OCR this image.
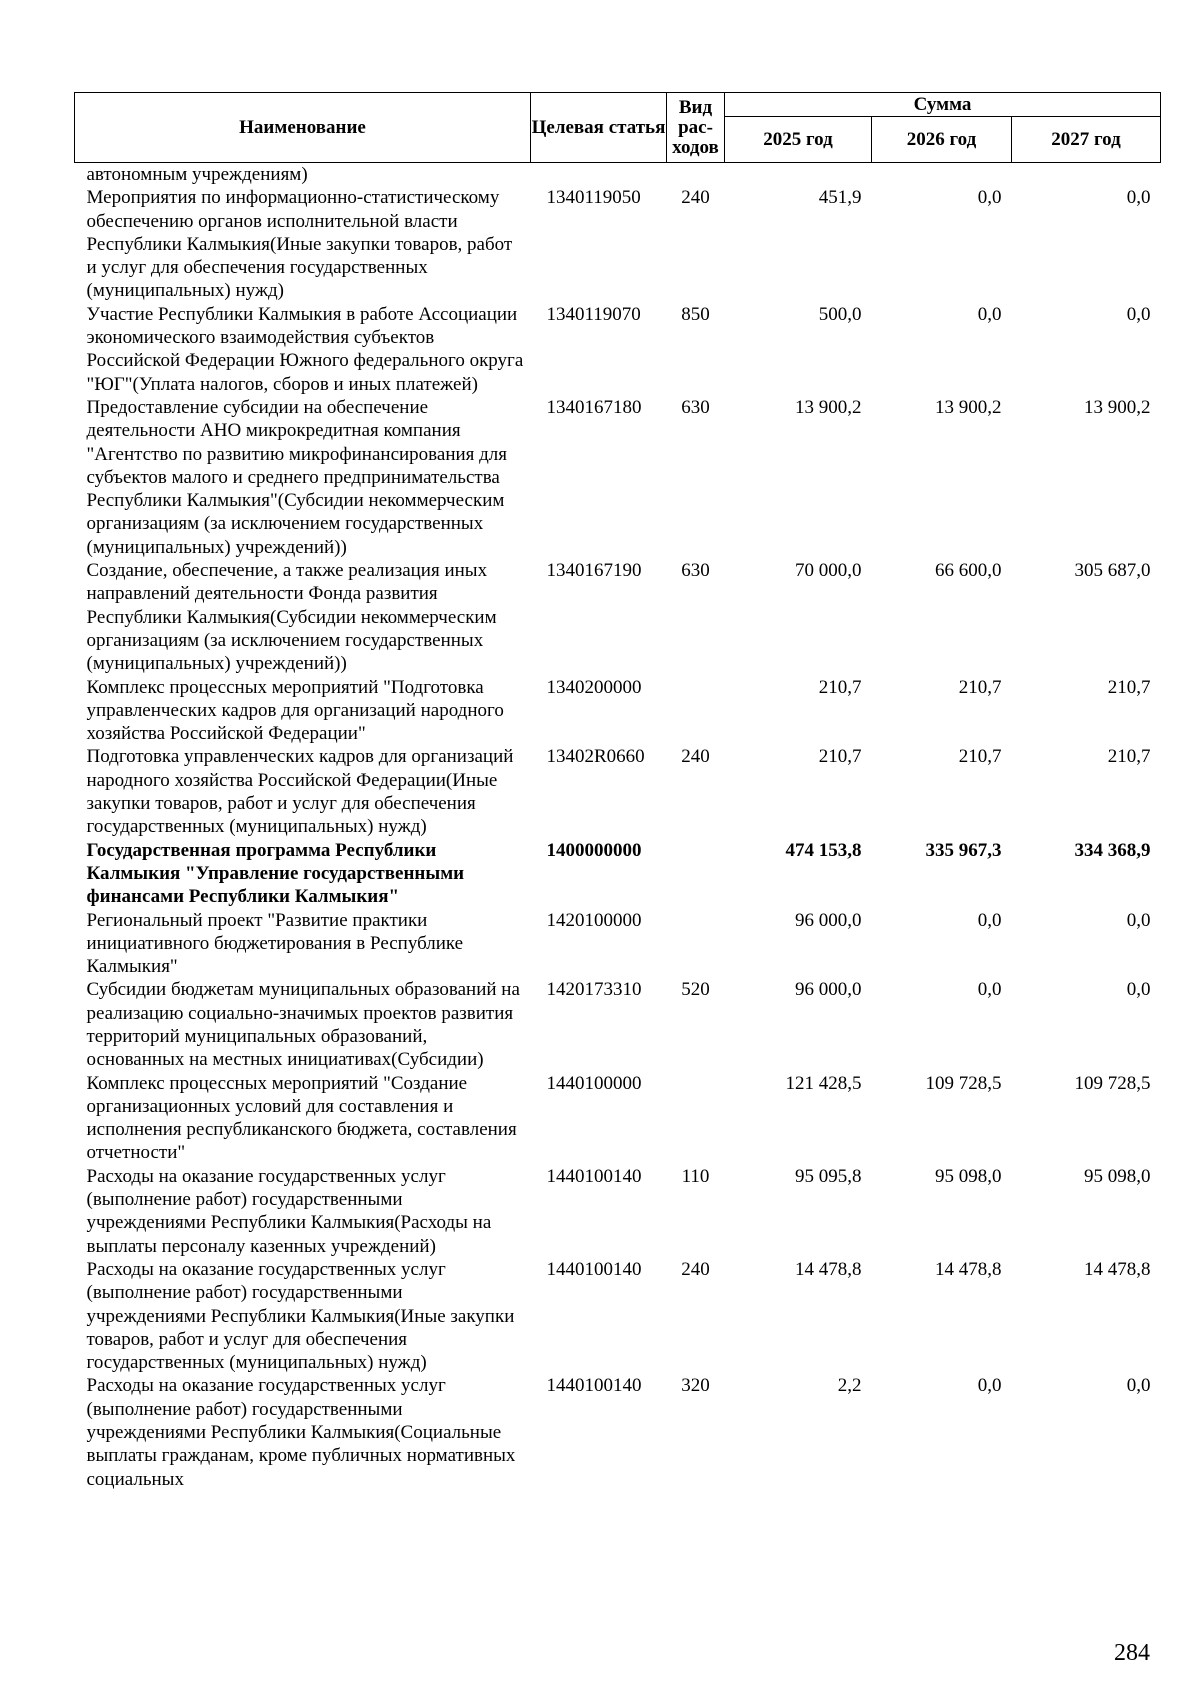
Наименование	Целевая статья	Вид рас-ходов	Сумма		
			2025 год	2026 год	2027 год
автономным учреждениям)					
Мероприятия по информационно-статистическому обеспечению органов исполнительной власти Республики Калмыкия(Иные закупки товаров, работ и услуг для обеспечения государственных (муниципальных) нужд)	1340119050	240	451,9	0,0	0,0
Участие Республики Калмыкия в работе Ассоциации экономического взаимодействия субъектов Российской Федерации Южного федерального округа "ЮГ"(Уплата налогов, сборов и иных платежей)	1340119070	850	500,0	0,0	0,0
Предоставление субсидии на обеспечение деятельности АНО микрокредитная компания "Агентство по развитию микрофинансирования для субъектов малого и среднего предпринимательства Республики Калмыкия"(Субсидии некоммерческим организациям (за исключением государственных (муниципальных) учреждений))	1340167180	630	13 900,2	13 900,2	13 900,2
Создание, обеспечение, а также реализация иных направлений деятельности Фонда развития Республики Калмыкия(Субсидии некоммерческим организациям (за исключением государственных (муниципальных) учреждений))	1340167190	630	70 000,0	66 600,0	305 687,0
Комплекс процессных мероприятий "Подготовка управленческих кадров для организаций народного хозяйства Российской Федерации"	1340200000		210,7	210,7	210,7
Подготовка управленческих кадров для организаций народного хозяйства Российской Федерации(Иные закупки товаров, работ и услуг для обеспечения государственных (муниципальных) нужд)	13402R0660	240	210,7	210,7	210,7
Государственная программа Республики Калмыкия "Управление государственными финансами Республики Калмыкия"	1400000000		474 153,8	335 967,3	334 368,9
Региональный проект "Развитие практики инициативного бюджетирования в Республике Калмыкия"	1420100000		96 000,0	0,0	0,0
Субсидии бюджетам муниципальных образований на реализацию социально-значимых проектов развития территорий муниципальных образований, основанных на местных инициативах(Субсидии)	1420173310	520	96 000,0	0,0	0,0
Комплекс процессных мероприятий "Создание организационных условий для составления и исполнения республиканского бюджета, составления отчетности"	1440100000		121 428,5	109 728,5	109 728,5
Расходы на оказание государственных услуг (выполнение работ) государственными учреждениями Республики Калмыкия(Расходы на выплаты персоналу казенных учреждений)	1440100140	110	95 095,8	95 098,0	95 098,0
Расходы на оказание государственных услуг (выполнение работ) государственными учреждениями Республики Калмыкия(Иные закупки товаров, работ и услуг для обеспечения государственных (муниципальных) нужд)	1440100140	240	14 478,8	14 478,8	14 478,8
Расходы на оказание государственных услуг (выполнение работ) государственными учреждениями Республики Калмыкия(Социальные выплаты гражданам, кроме публичных нормативных социальных	1440100140	320	2,2	0,0	0,0
284
